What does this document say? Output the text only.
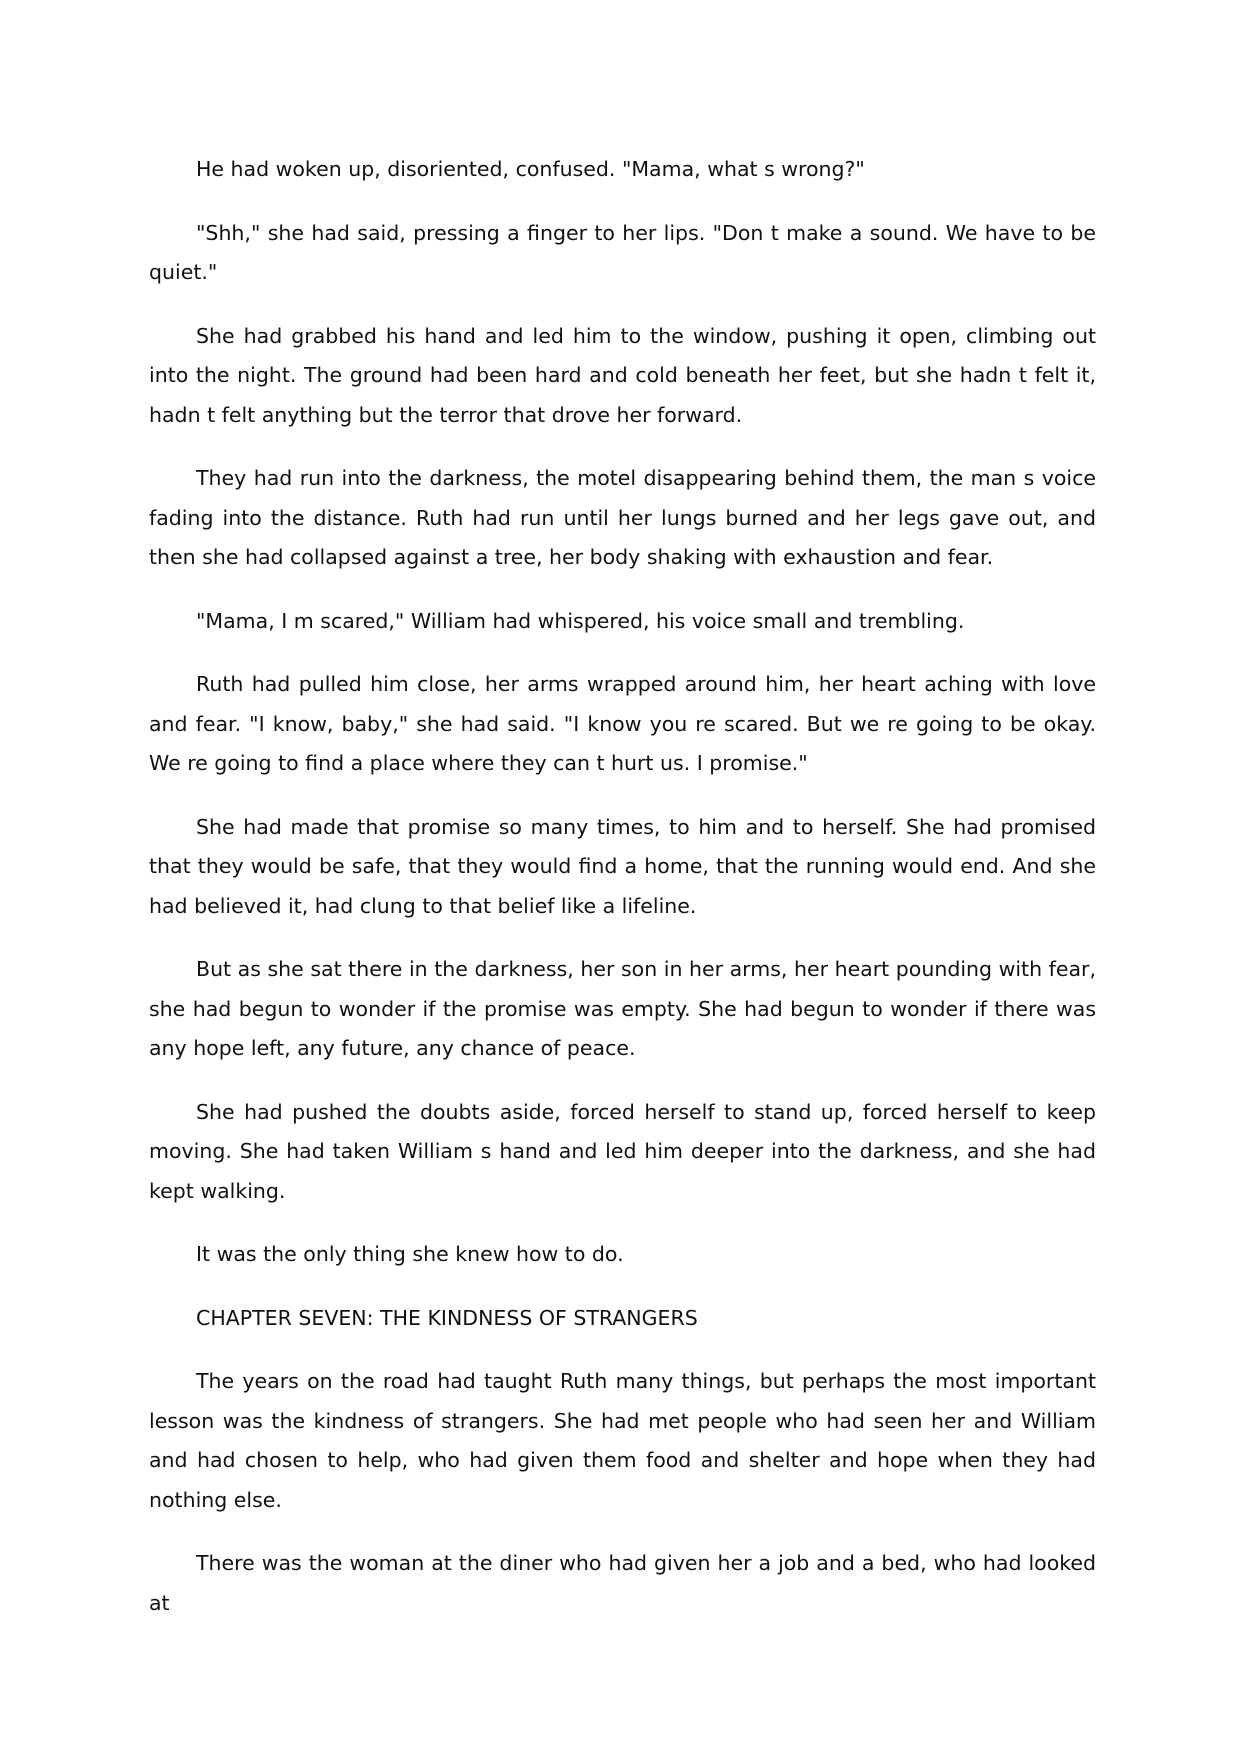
He had woken up, disoriented, confused. "Mama, what s wrong?"

"Shh," she had said, pressing a finger to her lips. "Don t make a sound. We have to be quiet."

She had grabbed his hand and led him to the window, pushing it open, climbing out into the night. The ground had been hard and cold beneath her feet, but she hadn t felt it, hadn t felt anything but the terror that drove her forward.

They had run into the darkness, the motel disappearing behind them, the man s voice fading into the distance. Ruth had run until her lungs burned and her legs gave out, and then she had collapsed against a tree, her body shaking with exhaustion and fear.

"Mama, I m scared," William had whispered, his voice small and trembling.

Ruth had pulled him close, her arms wrapped around him, her heart aching with love and fear. "I know, baby," she had said. "I know you re scared. But we re going to be okay. We re going to find a place where they can t hurt us. I promise."

She had made that promise so many times, to him and to herself. She had promised that they would be safe, that they would find a home, that the running would end. And she had believed it, had clung to that belief like a lifeline.

But as she sat there in the darkness, her son in her arms, her heart pounding with fear, she had begun to wonder if the promise was empty. She had begun to wonder if there was any hope left, any future, any chance of peace.

She had pushed the doubts aside, forced herself to stand up, forced herself to keep moving. She had taken William s hand and led him deeper into the darkness, and she had kept walking.

It was the only thing she knew how to do.

CHAPTER SEVEN: THE KINDNESS OF STRANGERS

The years on the road had taught Ruth many things, but perhaps the most important lesson was the kindness of strangers. She had met people who had seen her and William and had chosen to help, who had given them food and shelter and hope when they had nothing else.

There was the woman at the diner who had given her a job and a bed, who had looked at
